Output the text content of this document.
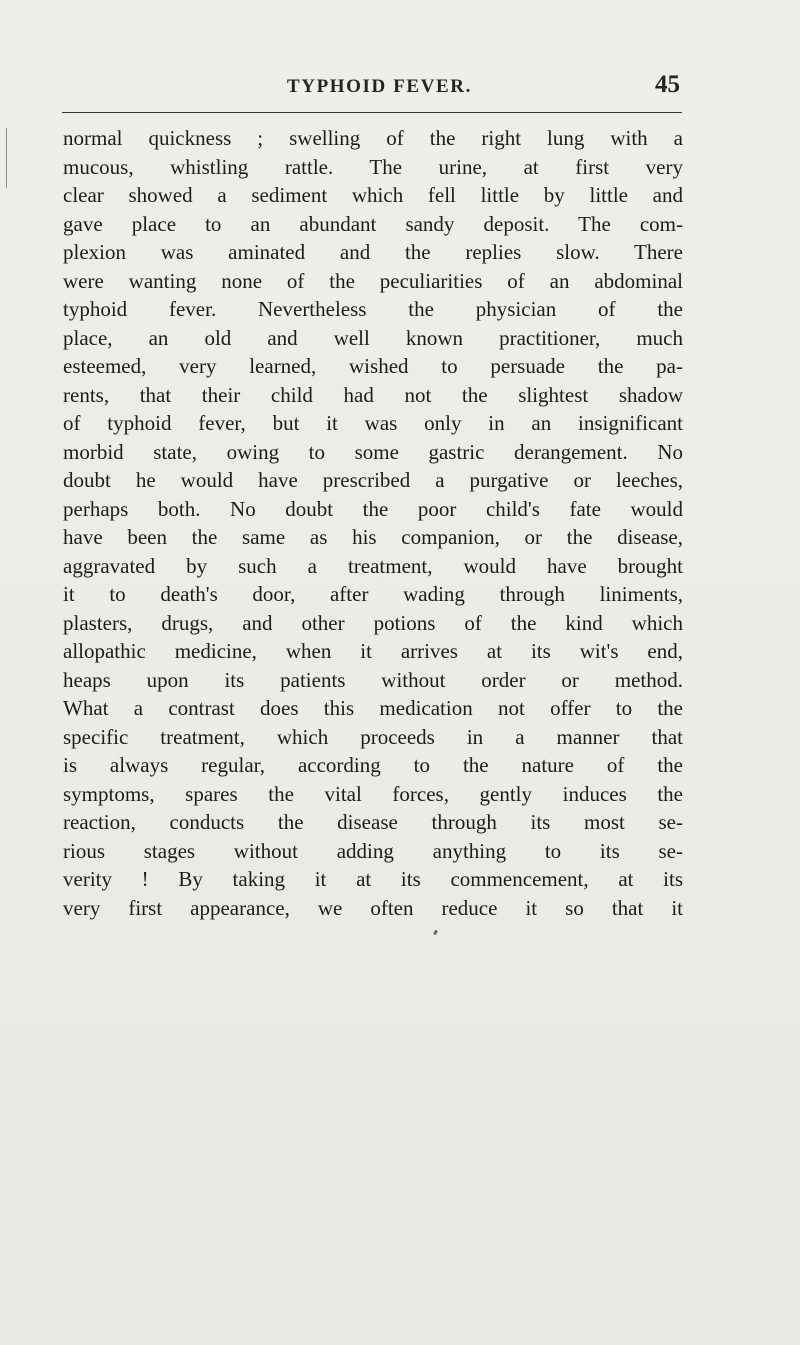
TYPHOID FEVER.	45
normal quickness ; swelling of the right lung with a
mucous, whistling rattle. The urine, at first very
clear showed a sediment which fell little by little and
gave place to an abundant sandy deposit. The com-
plexion was aminated and the replies slow. There
were wanting none of the peculiarities of an abdominal
typhoid fever. Nevertheless the physician of the
place, an old and well known practitioner, much
esteemed, very learned, wished to persuade the pa-
rents, that their child had not the slightest shadow
of typhoid fever, but it was only in an insignificant
morbid state, owing to some gastric derangement. No
doubt he would have prescribed a purgative or leeches,
perhaps both. No doubt the poor child's fate would
have been the same as his companion, or the disease,
aggravated by such a treatment, would have brought
it to death's door, after wading through liniments,
plasters, drugs, and other potions of the kind which
allopathic medicine, when it arrives at its wit's end,
heaps upon its patients without order or method.
What a contrast does this medication not offer to the
specific treatment, which proceeds in a manner that
is always regular, according to the nature of the
symptoms, spares the vital forces, gently induces the
reaction, conducts the disease through its most se-
rious stages without adding anything to its se-
verity ! By taking it at its commencement, at its
very first appearance, we often reduce it so that it
